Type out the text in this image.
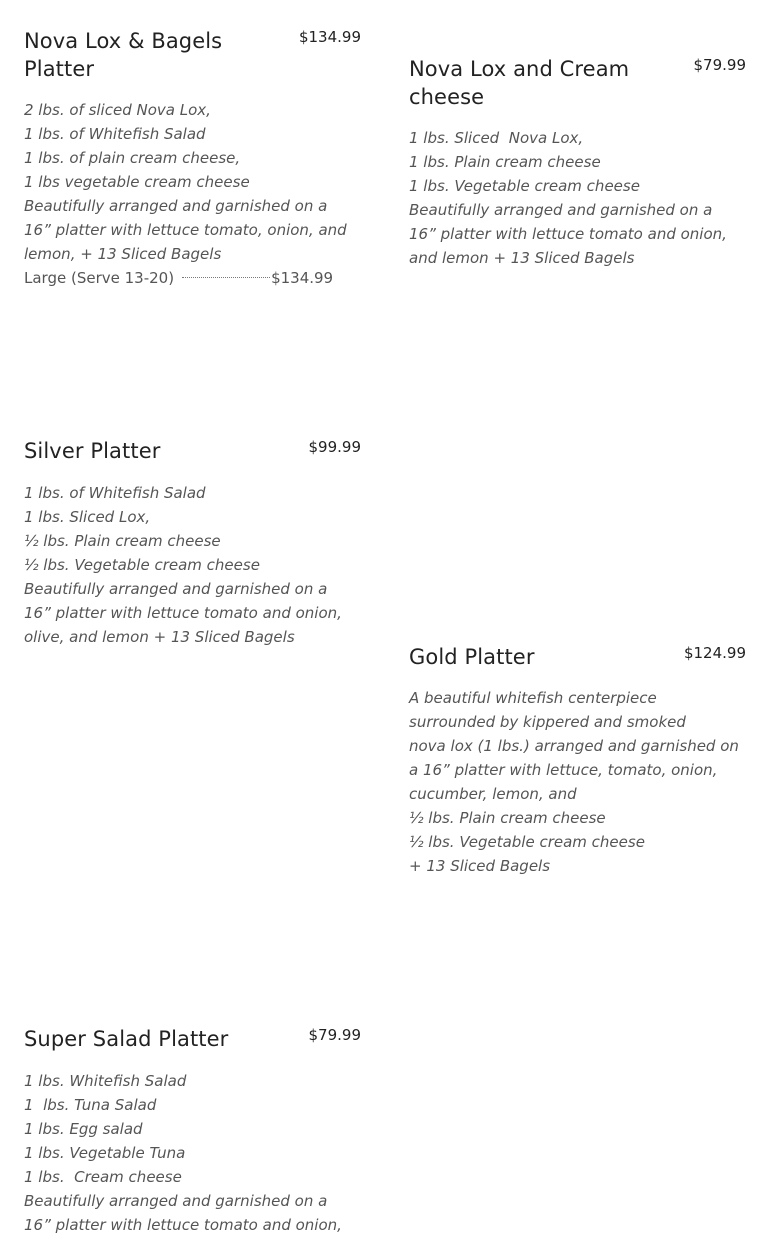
Nova Lox & Bagels
Platter
$134.99
2 lbs. of sliced Nova Lox,
1 lbs. of Whitefish Salad
1 lbs. of plain cream cheese,
1 lbs vegetable cream cheese
Beautifully arranged and garnished on a
16” platter with lettuce tomato, onion, and
lemon, + 13 Sliced Bagels
Large (Serve 13-20)	$134.99
Nova Lox and Cream
cheese
$79.99
1 lbs. Sliced  Nova Lox,
1 lbs. Plain cream cheese
1 lbs. Vegetable cream cheese
Beautifully arranged and garnished on a
16” platter with lettuce tomato and onion,
and lemon + 13 Sliced Bagels
Silver Platter	$99.99
1 lbs. of Whitefish Salad
1 lbs. Sliced Lox,
½ lbs. Plain cream cheese
½ lbs. Vegetable cream cheese
Beautifully arranged and garnished on a
16” platter with lettuce tomato and onion,
olive, and lemon + 13 Sliced Bagels
Gold Platter	$124.99
A beautiful whitefish centerpiece
surrounded by kippered and smoked
nova lox (1 lbs.) arranged and garnished on
a 16” platter with lettuce, tomato, onion,
cucumber, lemon, and
½ lbs. Plain cream cheese
½ lbs. Vegetable cream cheese
+ 13 Sliced Bagels
Super Salad Platter	$79.99
1 lbs. Whitefish Salad
1  lbs. Tuna Salad
1 lbs. Egg salad
1 lbs. Vegetable Tuna
1 lbs.  Cream cheese
Beautifully arranged and garnished on a
16” platter with lettuce tomato and onion,
